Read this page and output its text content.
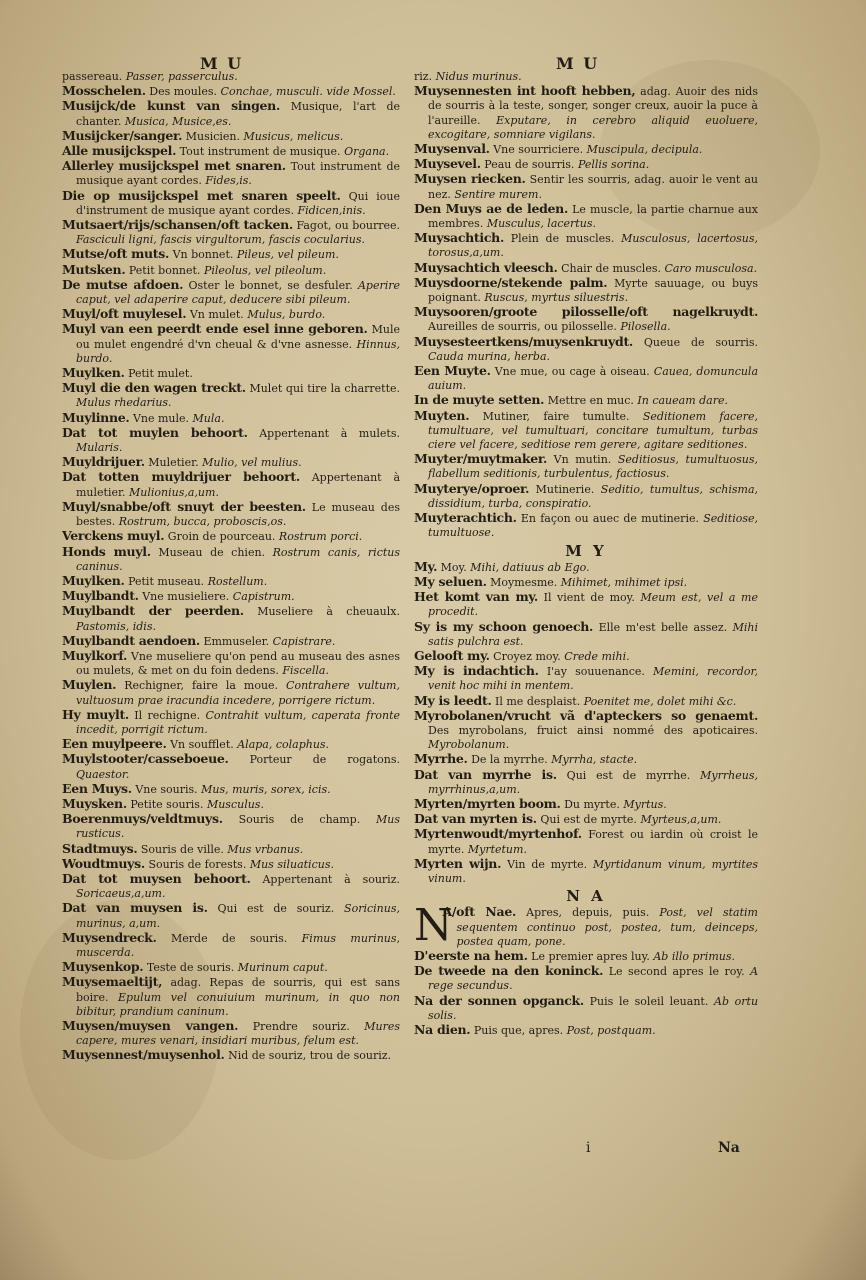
M U	M U

passereau. Passer, passerculus.

Mosschelen. Des moules. Conchae, musculi. vide Mossel.

Musijck/de kunst van singen. Musique, l'art de chanter. Musica, Musice,es.

Musijcker/sanger. Musicien. Musicus, melicus.

Alle musijckspel. Tout instrument de musique. Organa.

Allerley musijckspel met snaren. Tout instrument de musique ayant cordes. Fides,is.

Die op musijckspel met snaren speelt. Qui ioue d'instrument de musique ayant cordes. Fidicen,inis.

Mutsaert/rijs/schansen/oft tacken. Fagot, ou bourree. Fasciculi ligni, fascis virgultorum, fascis cocularius.

Mutse/oft muts. Vn bonnet. Pileus, vel pileum.

Mutsken. Petit bonnet. Pileolus, vel pileolum.

De mutse afdoen. Oster le bonnet, se desfuler. Aperire caput, vel adaperire caput, deducere sibi pileum.

Muyl/oft muylesel. Vn mulet. Mulus, burdo.

Muyl van een peerdt ende esel inne geboren. Mule ou mulet engendré d'vn cheual & d'vne asnesse. Hinnus, burdo.

Muylken. Petit mulet.

Muyl die den wagen treckt. Mulet qui tire la charrette. Mulus rhedarius.

Muylinne. Vne mule. Mula.

Dat tot muylen behoort. Appertenant à mulets. Mularis.

Muyldrijuer. Muletier. Mulio, vel mulius.

Dat totten muyldrijuer behoort. Appertenant à muletier. Mulionius,a,um.

Muyl/snabbe/oft snuyt der beesten. Le museau des bestes. Rostrum, bucca, proboscis,os.

Verckens muyl. Groin de pourceau. Rostrum porci.

Honds muyl. Museau de chien. Rostrum canis, rictus caninus.

Muylken. Petit museau. Rostellum.

Muylbandt. Vne musieliere. Capistrum.

Muylbandt der peerden. Museliere à cheuaulx. Pastomis, idis.

Muylbandt aendoen. Emmuseler. Capistrare.

Muylkorf. Vne museliere qu'on pend au museau des asnes ou mulets, & met on du foin dedens. Fiscella.

Muylen. Rechigner, faire la moue. Contrahere vultum, vultuosum prae iracundia incedere, porrigere rictum.

Hy muylt. Il rechigne. Contrahit vultum, caperata fronte incedit, porrigit rictum.

Een muylpeere. Vn soufflet. Alapa, colaphus.

Muylstooter/casseboeue. Porteur de rogatons. Quaestor.

Een Muys. Vne souris. Mus, muris, sorex, icis.

Muysken. Petite souris. Musculus.

Boerenmuys/veldtmuys. Souris de champ. Mus rusticus.

Stadtmuys. Souris de ville. Mus vrbanus.

Woudtmuys. Souris de forests. Mus siluaticus.

Dat tot muysen behoort. Appertenant à souriz. Soricaeus,a,um.

Dat van muysen is. Qui est de souriz. Soricinus, murinus, a,um.

Muysendreck. Merde de souris. Fimus murinus, muscerda.

Muysenkop. Teste de souris. Murinum caput.

Muysemaeltijt, adag. Repas de sourris, qui est sans boire. Epulum vel conuiuium murinum, in quo non bibitur, prandium caninum.

Muysen/muysen vangen. Prendre souriz. Mures capere, mures venari, insidiari muribus, felum est.

Muysennest/muysenhol. Nid de souriz, trou de souriz.

riz. Nidus murinus.

Muysennesten int hooft hebben, adag. Auoir des nids de sourris à la teste, songer, songer creux, auoir la puce à l'aureille. Exputare, in cerebro aliquid euoluere, excogitare, somniare vigilans.

Muysenval. Vne sourriciere. Muscipula, decipula.

Muysevel. Peau de sourris. Pellis sorina.

Muysen riecken. Sentir les sourris, adag. auoir le vent au nez. Sentire murem.

Den Muys ae de leden. Le muscle, la partie charnue aux membres. Musculus, lacertus.

Muysachtich. Plein de muscles. Musculosus, lacertosus, torosus,a,um.

Muysachtich vleesch. Chair de muscles. Caro musculosa.

Muysdoorne/stekende palm. Myrte sauuage, ou buys poignant. Ruscus, myrtus siluestris.

Muysooren/groote pilosselle/oft nagelkruydt. Aureilles de sourris, ou pilosselle. Pilosella.

Muysesteertkens/muysenkruydt. Queue de sourris. Cauda murina, herba.

Een Muyte. Vne mue, ou cage à oiseau. Cauea, domuncula auium.

In de muyte setten. Mettre en muc. In caueam dare.

Muyten. Mutiner, faire tumulte. Seditionem facere, tumultuare, vel tumultuari, concitare tumultum, turbas ciere vel facere, seditiose rem gerere, agitare seditiones.

Muyter/muytmaker. Vn mutin. Seditiosus, tumultuosus, flabellum seditionis, turbulentus, factiosus.

Muyterye/oproer. Mutinerie. Seditio, tumultus, schisma, dissidium, turba, conspiratio.

Muyterachtich. En façon ou auec de mutinerie. Seditiose, tumultuose.

M Y

My. Moy. Mihi, datiuus ab Ego.

My seluen. Moymesme. Mihimet, mihimet ipsi.

Het komt van my. Il vient de moy. Meum est, vel a me procedit.

Sy is my schoon genoech. Elle m'est belle assez. Mihi satis pulchra est.

Gelooft my. Croyez moy. Crede mihi.

My is indachtich. I'ay souuenance. Memini, recordor, venit hoc mihi in mentem.

My is leedt. Il me desplaist. Poenitet me, dolet mihi &c.

Myrobolanen/vrucht vã d'apteckers so genaemt. Des myrobolans, fruict ainsi nommé des apoticaires. Myrobolanum.

Myrrhe. De la myrrhe. Myrrha, stacte.

Dat van myrrhe is. Qui est de myrrhe. Myrrheus, myrrhinus,a,um.

Myrten/myrten boom. Du myrte. Myrtus.

Dat van myrten is. Qui est de myrte. Myrteus,a,um.

Myrtenwoudt/myrtenhof. Forest ou iardin où croist le myrte. Myrtetum.

Myrten wijn. Vin de myrte. Myrtidanum vinum, myrtites vinum.

N A
N

A/oft Nae. Apres, depuis, puis. Post, vel statim sequentem continuo post, postea, tum, deinceps, postea quam, pone.

D'eerste na hem. Le premier apres luy. Ab illo primus.

De tweede na den koninck. Le second apres le roy. A rege secundus.

Na der sonnen opganck. Puis le soleil leuant. Ab ortu solis.

Na dien. Puis que, apres. Post, postquam.

i	Na
